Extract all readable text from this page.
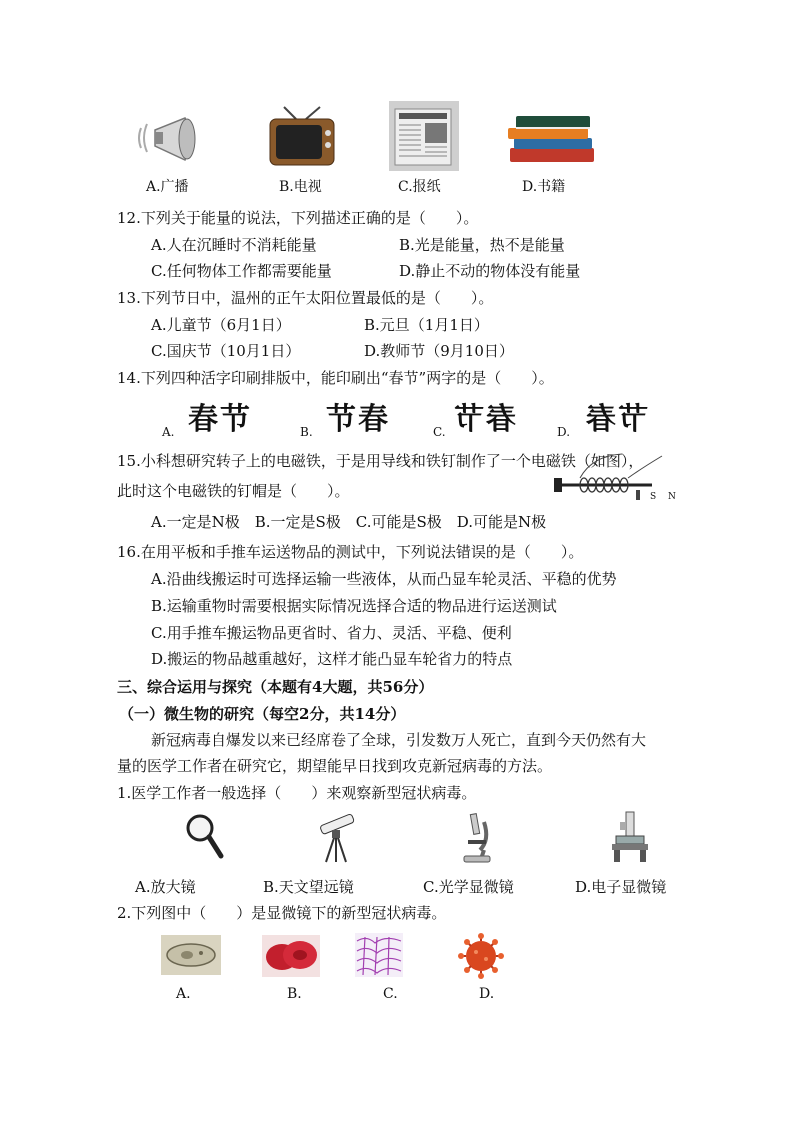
A.广播	B.电视	C.报纸	D.书籍
12.下列关于能量的说法，下列描述正确的是（　　）。
A.人在沉睡时不消耗能量	B.光是能量，热不是能量
C.任何物体工作都需要能量	D.静止不动的物体没有能量
13.下列节日中，温州的正午太阳位置最低的是（　　）。
A.儿童节（6月1日）	B.元旦（1月1日）
C.国庆节（10月1日）	D.教师节（9月10日）
14.下列四种活字印刷排版中，能印刷出“春节”两字的是（　　）。
春节 节春 春节 节春
A.	B.	C.	D.
15.小科想研究转子上的电磁铁，于是用导线和铁钉制作了一个电磁铁（如图），
此时这个电磁铁的钉帽是（　　）。	S N
A.一定是N极　B.一定是S极　C.可能是S极　D.可能是N极
16.在用平板和手推车运送物品的测试中，下列说法错误的是（　　）。
A.沿曲线搬运时可选择运输一些液体，从而凸显车轮灵活、平稳的优势
B.运输重物时需要根据实际情况选择合适的物品进行运送测试
C.用手推车搬运物品更省时、省力、灵活、平稳、便利
D.搬运的物品越重越好，这样才能凸显车轮省力的特点
三、综合运用与探究（本题有4大题，共56分）
（一）微生物的研究（每空2分，共14分）
新冠病毒自爆发以来已经席卷了全球，引发数万人死亡，直到今天仍然有大
量的医学工作者在研究它，期望能早日找到攻克新冠病毒的方法。
1.医学工作者一般选择（　　）来观察新型冠状病毒。
A.放大镜	B.天文望远镜	C.光学显微镜	D.电子显微镜
2.下列图中（　　）是显微镜下的新型冠状病毒。
A.	B.	C.	D.
